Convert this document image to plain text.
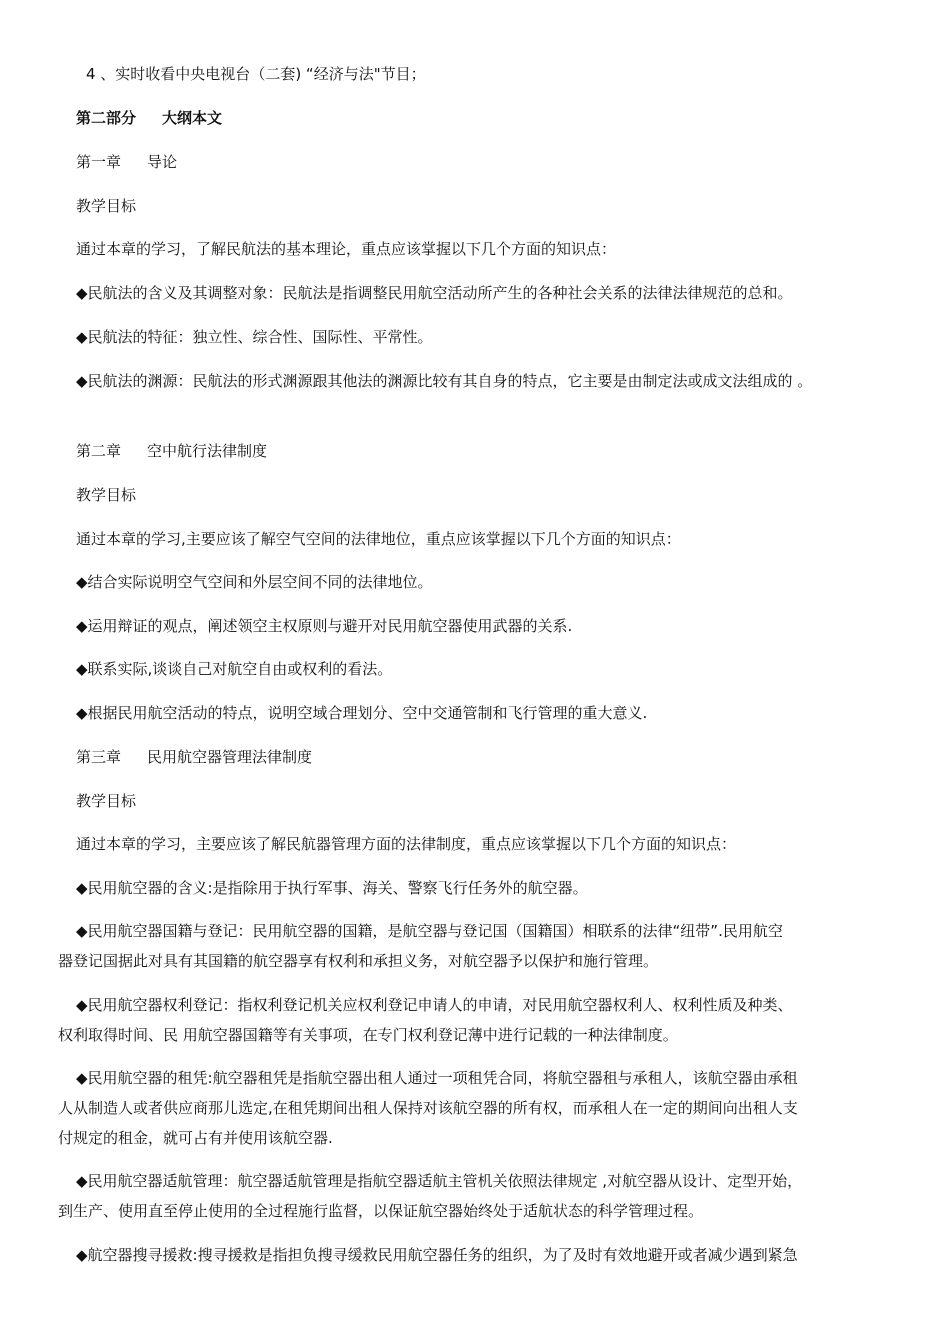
4 、实时收看中央电视台（二套) “经济与法"节目；
第二部分 大纲本文
第一章 导论
教学目标
通过本章的学习，了解民航法的基本理论，重点应该掌握以下几个方面的知识点：
◆民航法的含义及其调整对象：民航法是指调整民用航空活动所产生的各种社会关系的法律法律规范的总和。
◆民航法的特征：独立性、综合性、国际性、平常性。
◆民航法的渊源：民航法的形式渊源跟其他法的渊源比较有其自身的特点，它主要是由制定法或成文法组成的 。
第二章 空中航行法律制度
教学目标
通过本章的学习,主要应该了解空气空间的法律地位，重点应该掌握以下几个方面的知识点：
◆结合实际说明空气空间和外层空间不同的法律地位。
◆运用辩证的观点，阐述领空主权原则与避开对民用航空器使用武器的关系.
◆联系实际,谈谈自己对航空自由或权利的看法。
◆根据民用航空活动的特点，说明空域合理划分、空中交通管制和飞行管理的重大意义.
第三章 民用航空器管理法律制度
教学目标
通过本章的学习，主要应该了解民航器管理方面的法律制度，重点应该掌握以下几个方面的知识点：
◆民用航空器的含义:是指除用于执行军事、海关、警察飞行任务外的航空器。
◆民用航空器国籍与登记：民用航空器的国籍，是航空器与登记国（国籍国）相联系的法律“纽带”.民用航空
器登记国据此对具有其国籍的航空器享有权利和承担义务，对航空器予以保护和施行管理。
◆民用航空器权利登记：指权利登记机关应权利登记申请人的申请，对民用航空器权利人、权利性质及种类、
权利取得时间、民 用航空器国籍等有关事项，在专门权利登记薄中进行记载的一种法律制度。
◆民用航空器的租凭:航空器租凭是指航空器出租人通过一项租凭合同，将航空器租与承租人，该航空器由承租
人从制造人或者供应商那儿选定,在租凭期间出租人保持对该航空器的所有权，而承租人在一定的期间向出租人支
付规定的租金，就可占有并使用该航空器.
◆民用航空器适航管理：航空器适航管理是指航空器适航主管机关依照法律规定 ,对航空器从设计、定型开始，
到生产、使用直至停止使用的全过程施行监督，以保证航空器始终处于适航状态的科学管理过程。
◆航空器搜寻援救:搜寻援救是指担负搜寻缓救民用航空器任务的组织，为了及时有效地避开或者减少遇到紧急
